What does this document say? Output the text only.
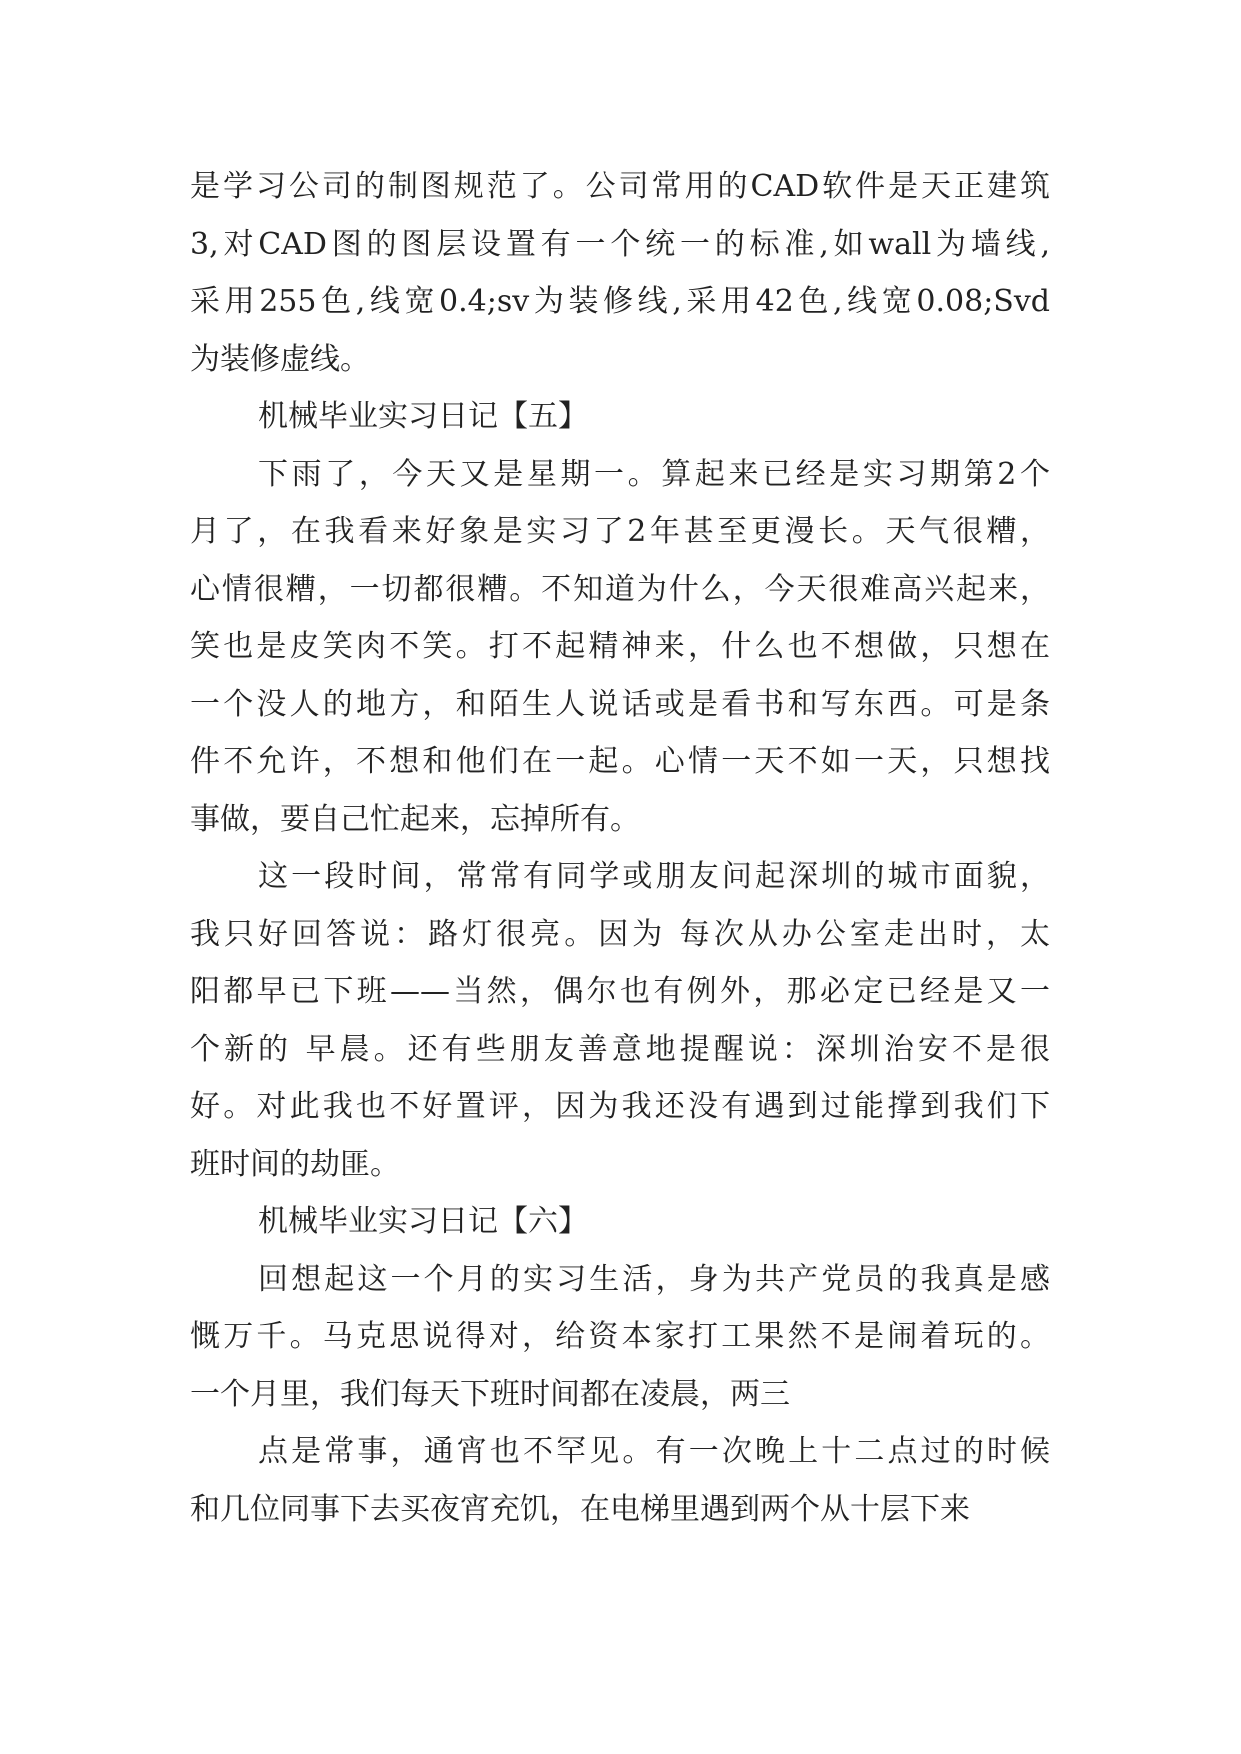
是学习公司的制图规范了。公司常用的CAD软件是天正建筑
3,对CAD图的图层设置有一个统一的标准,如wall为墙线,
采用255色,线宽0.4;sv为装修线,采用42色,线宽0.08;Svd
为装修虚线。
机械毕业实习日记【五】
下雨了，今天又是星期一。算起来已经是实习期第2个
月了，在我看来好象是实习了2年甚至更漫长。天气很糟，
心情很糟，一切都很糟。不知道为什么，今天很难高兴起来，
笑也是皮笑肉不笑。打不起精神来，什么也不想做，只想在
一个没人的地方，和陌生人说话或是看书和写东西。可是条
件不允许，不想和他们在一起。心情一天不如一天，只想找
事做，要自己忙起来，忘掉所有。
这一段时间，常常有同学或朋友问起深圳的城市面貌，
我只好回答说：路灯很亮。因为 每次从办公室走出时，太
阳都早已下班——当然，偶尔也有例外，那必定已经是又一
个新的 早晨。还有些朋友善意地提醒说：深圳治安不是很
好。对此我也不好置评，因为我还没有遇到过能撑到我们下
班时间的劫匪。
机械毕业实习日记【六】
回想起这一个月的实习生活，身为共产党员的我真是感
慨万千。马克思说得对，给资本家打工果然不是闹着玩的。
一个月里，我们每天下班时间都在凌晨，两三
点是常事，通宵也不罕见。有一次晚上十二点过的时候
和几位同事下去买夜宵充饥，在电梯里遇到两个从十层下来
